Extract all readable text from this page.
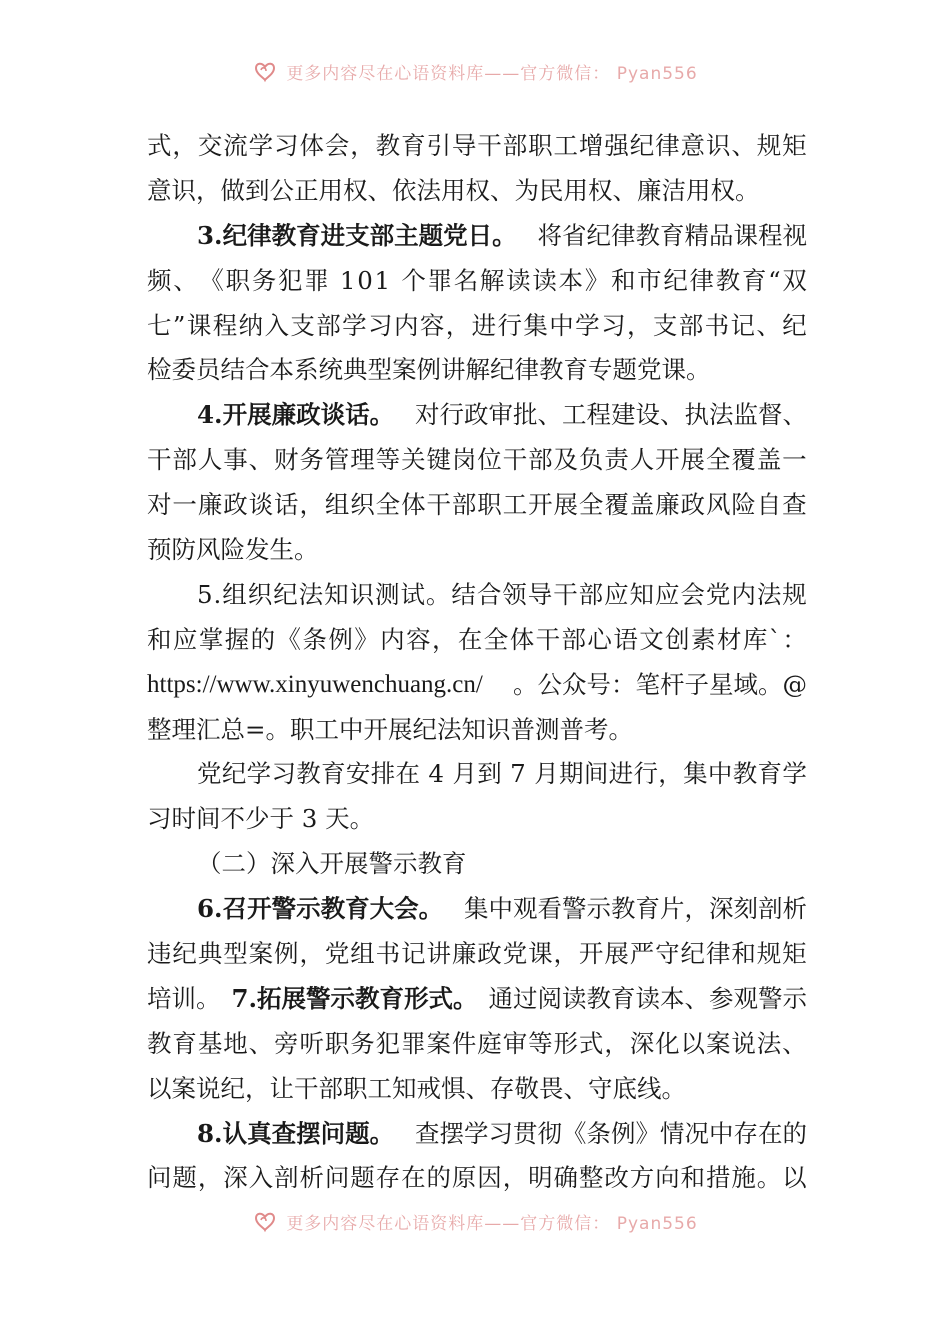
更多内容尽在心语资料库——官方微信： Pyan556
式 ， 交 流 学 习 体 会 ， 教 育 引 导 干 部 职 工 增 强 纪 律 意 识 、 规 矩
意识，做到公正用权、依法用权、为民用权、廉洁用权。
3.纪律教育进支部主题党日。 将省纪律教育精品课程视
频 、 《 职 务 犯 罪
1 0 1
个 罪 名 解 读 读 本 》 和 市 纪 律 教 育 “ 双
七 ” 课 程 纳 入 支 部 学 习 内 容 ， 进 行 集 中 学 习 ， 支 部 书 记 、 纪
检委员结合本系统典型案例讲解纪律教育专题党课。
4.开展廉政谈话。 对行政审批、工程建设、执法监督、
干 部 人 事 、 财 务 管 理 等 关 键 岗 位 干 部 及 负 责 人 开 展 全 覆 盖 一
对 一 廉 政 谈 话 ， 组 织 全 体 干 部 职 工 开 展 全 覆 盖 廉 政 风 险 自 查
预防风险发生。
5 . 组 织 纪 法 知 识 测 试 。 结 合 领 导 干 部 应 知 应 会 党 内 法 规
和 应 掌 握 的 《 条 例 》 内 容 ， 在 全 体 干 部 心 语 文 创 素 材 库 ` ：
https://www.xinyuwenchuang.cn/ 。公众号：笔杆子星域。@
整理汇总=。职工中开展纪法知识普测普考。
党 纪 学 习 教 育 安 排 在
4
月 到
7
月 期 间 进 行 ， 集 中 教 育 学
习时间不少于 3 天。
（二）深入开展警示教育
6.召开警示教育大会。 集中观看警示教育片，深刻剖析
违 纪 典 型 案 例 ， 党 组 书 记 讲 廉 政 党 课 ， 开 展 严 守 纪 律 和 规 矩
培训。 7.拓展警示教育形式。 通过阅读教育读本、参观警示
教 育 基 地 、 旁 听 职 务 犯 罪 案 件 庭 审 等 形 式 ， 深 化 以 案 说 法 、
以案说纪，让干部职工知戒惧、存敬畏、守底线。
8.认真查摆问题。 查摆学习贯彻《条例》情况中存在的
问 题 ， 深 入 剖 析 问 题 存 在 的 原 因 ， 明 确 整 改 方 向 和 措 施 。 以
更多内容尽在心语资料库——官方微信： Pyan556
